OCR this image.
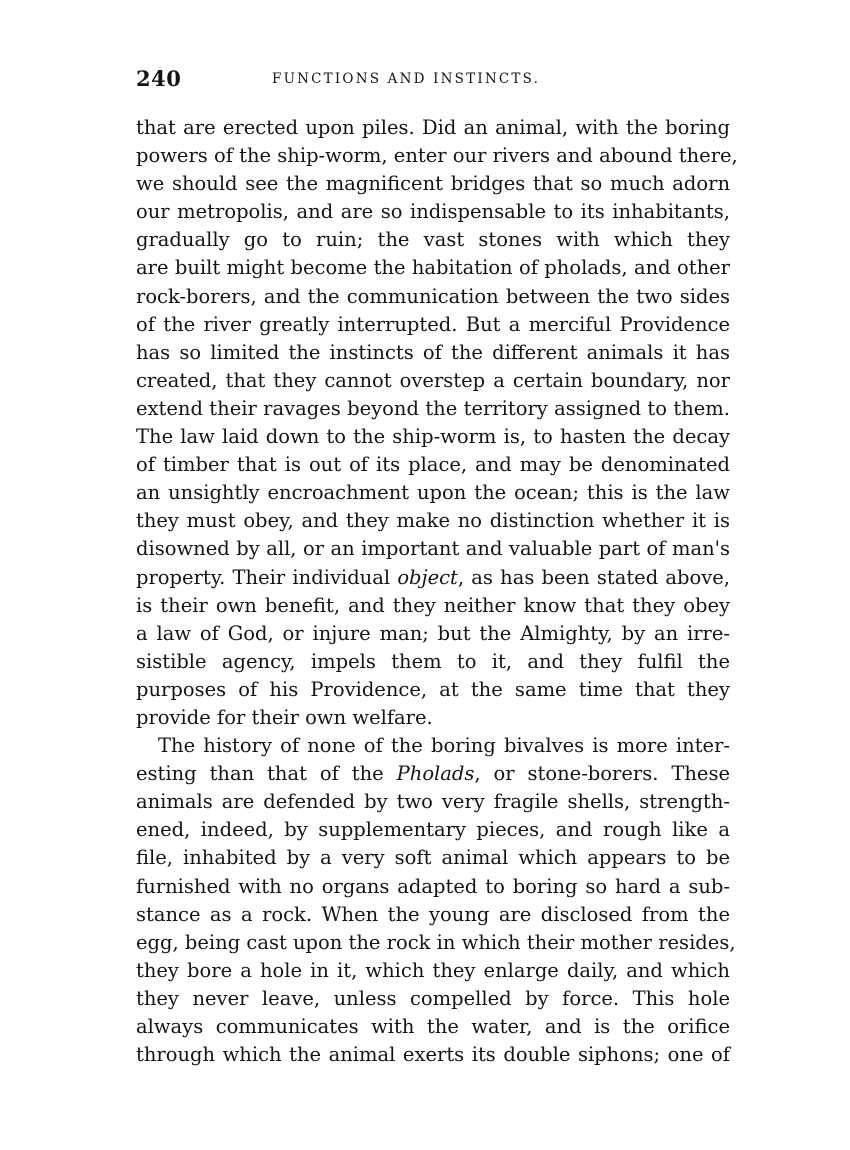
240	FUNCTIONS AND INSTINCTS.

that are erected upon piles. Did an animal, with the boring
powers of the ship-worm, enter our rivers and abound there,
we should see the magnificent bridges that so much adorn
our metropolis, and are so indispensable to its inhabitants,
gradually go to ruin; the vast stones with which they
are built might become the habitation of pholads, and other
rock-borers, and the communication between the two sides
of the river greatly interrupted. But a merciful Providence
has so limited the instincts of the different animals it has
created, that they cannot overstep a certain boundary, nor
extend their ravages beyond the territory assigned to them.
The law laid down to the ship-worm is, to hasten the decay
of timber that is out of its place, and may be denominated
an unsightly encroachment upon the ocean; this is the law
they must obey, and they make no distinction whether it is
disowned by all, or an important and valuable part of man's
property. Their individual object, as has been stated above,
is their own benefit, and they neither know that they obey
a law of God, or injure man; but the Almighty, by an irre-
sistible agency, impels them to it, and they fulfil the
purposes of his Providence, at the same time that they
provide for their own welfare.

The history of none of the boring bivalves is more inter-
esting than that of the Pholads, or stone-borers. These
animals are defended by two very fragile shells, strength-
ened, indeed, by supplementary pieces, and rough like a
file, inhabited by a very soft animal which appears to be
furnished with no organs adapted to boring so hard a sub-
stance as a rock. When the young are disclosed from the
egg, being cast upon the rock in which their mother resides,
they bore a hole in it, which they enlarge daily, and which
they never leave, unless compelled by force. This hole
always communicates with the water, and is the orifice
through which the animal exerts its double siphons; one of
